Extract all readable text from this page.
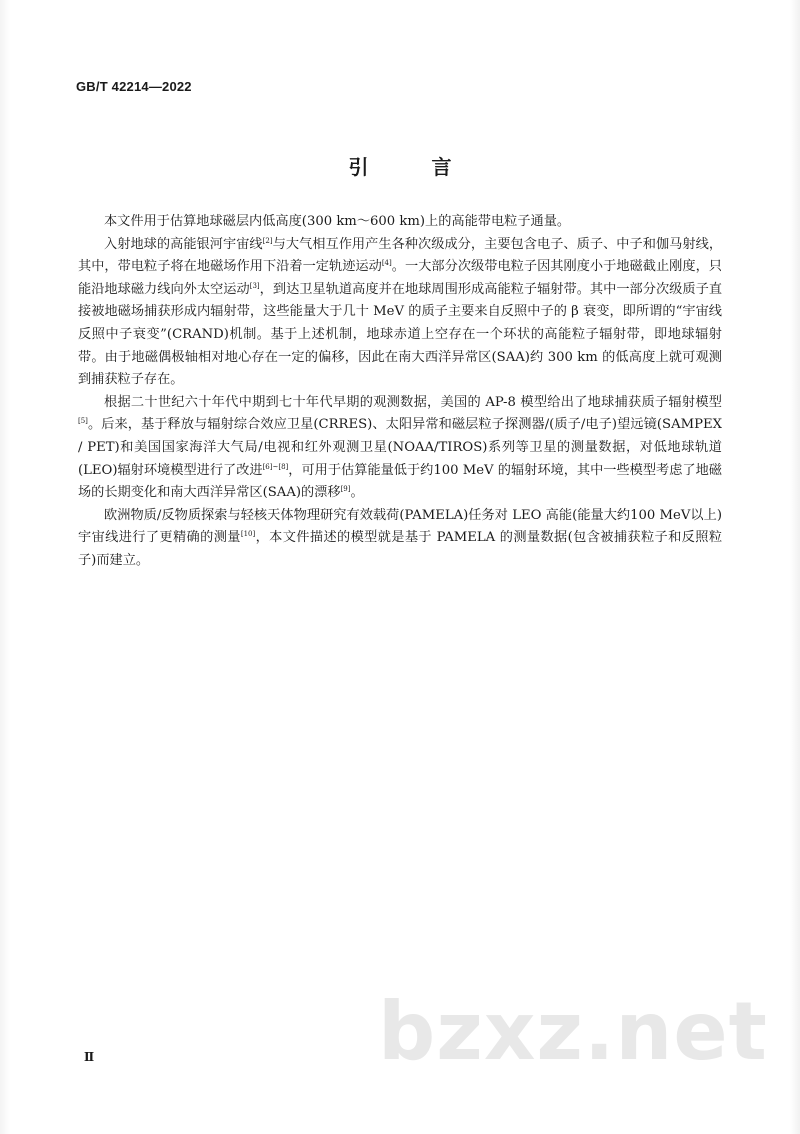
GB/T 42214—2022
引 言

本文件用于估算地球磁层内低高度(300 km～600 km)上的高能带电粒子通量。

入射地球的高能银河宇宙线[2]与大气相互作用产生各种次级成分，主要包含电子、质子、中子和伽马射线，其中，带电粒子将在地磁场作用下沿着一定轨迹运动[4]。一大部分次级带电粒子因其刚度小于地磁截止刚度，只能沿地球磁力线向外太空运动[3]，到达卫星轨道高度并在地球周围形成高能粒子辐射带。其中一部分次级质子直接被地磁场捕获形成内辐射带，这些能量大于几十 MeV 的质子主要来自反照中子的 β 衰变，即所谓的“宇宙线反照中子衰变”(CRAND)机制。基于上述机制，地球赤道上空存在一个环状的高能粒子辐射带，即地球辐射带。由于地磁偶极轴相对地心存在一定的偏移，因此在南大西洋异常区(SAA)约 300 km 的低高度上就可观测到捕获粒子存在。

根据二十世纪六十年代中期到七十年代早期的观测数据，美国的 AP-8 模型给出了地球捕获质子辐射模型[5]。后来，基于释放与辐射综合效应卫星(CRRES)、太阳异常和磁层粒子探测器/(质子/电子)望远镜(SAMPEX / PET)和美国国家海洋大气局/电视和红外观测卫星(NOAA/TIROS)系列等卫星的测量数据，对低地球轨道(LEO)辐射环境模型进行了改进[6]~[8]，可用于估算能量低于约100 MeV 的辐射环境，其中一些模型考虑了地磁场的长期变化和南大西洋异常区(SAA)的漂移[9]。

欧洲物质/反物质探索与轻核天体物理研究有效载荷(PAMELA)任务对 LEO 高能(能量大约100 MeV以上)宇宙线进行了更精确的测量[10]，本文件描述的模型就是基于 PAMELA 的测量数据(包含被捕获粒子和反照粒子)而建立。

bzxz.net
Ⅱ
